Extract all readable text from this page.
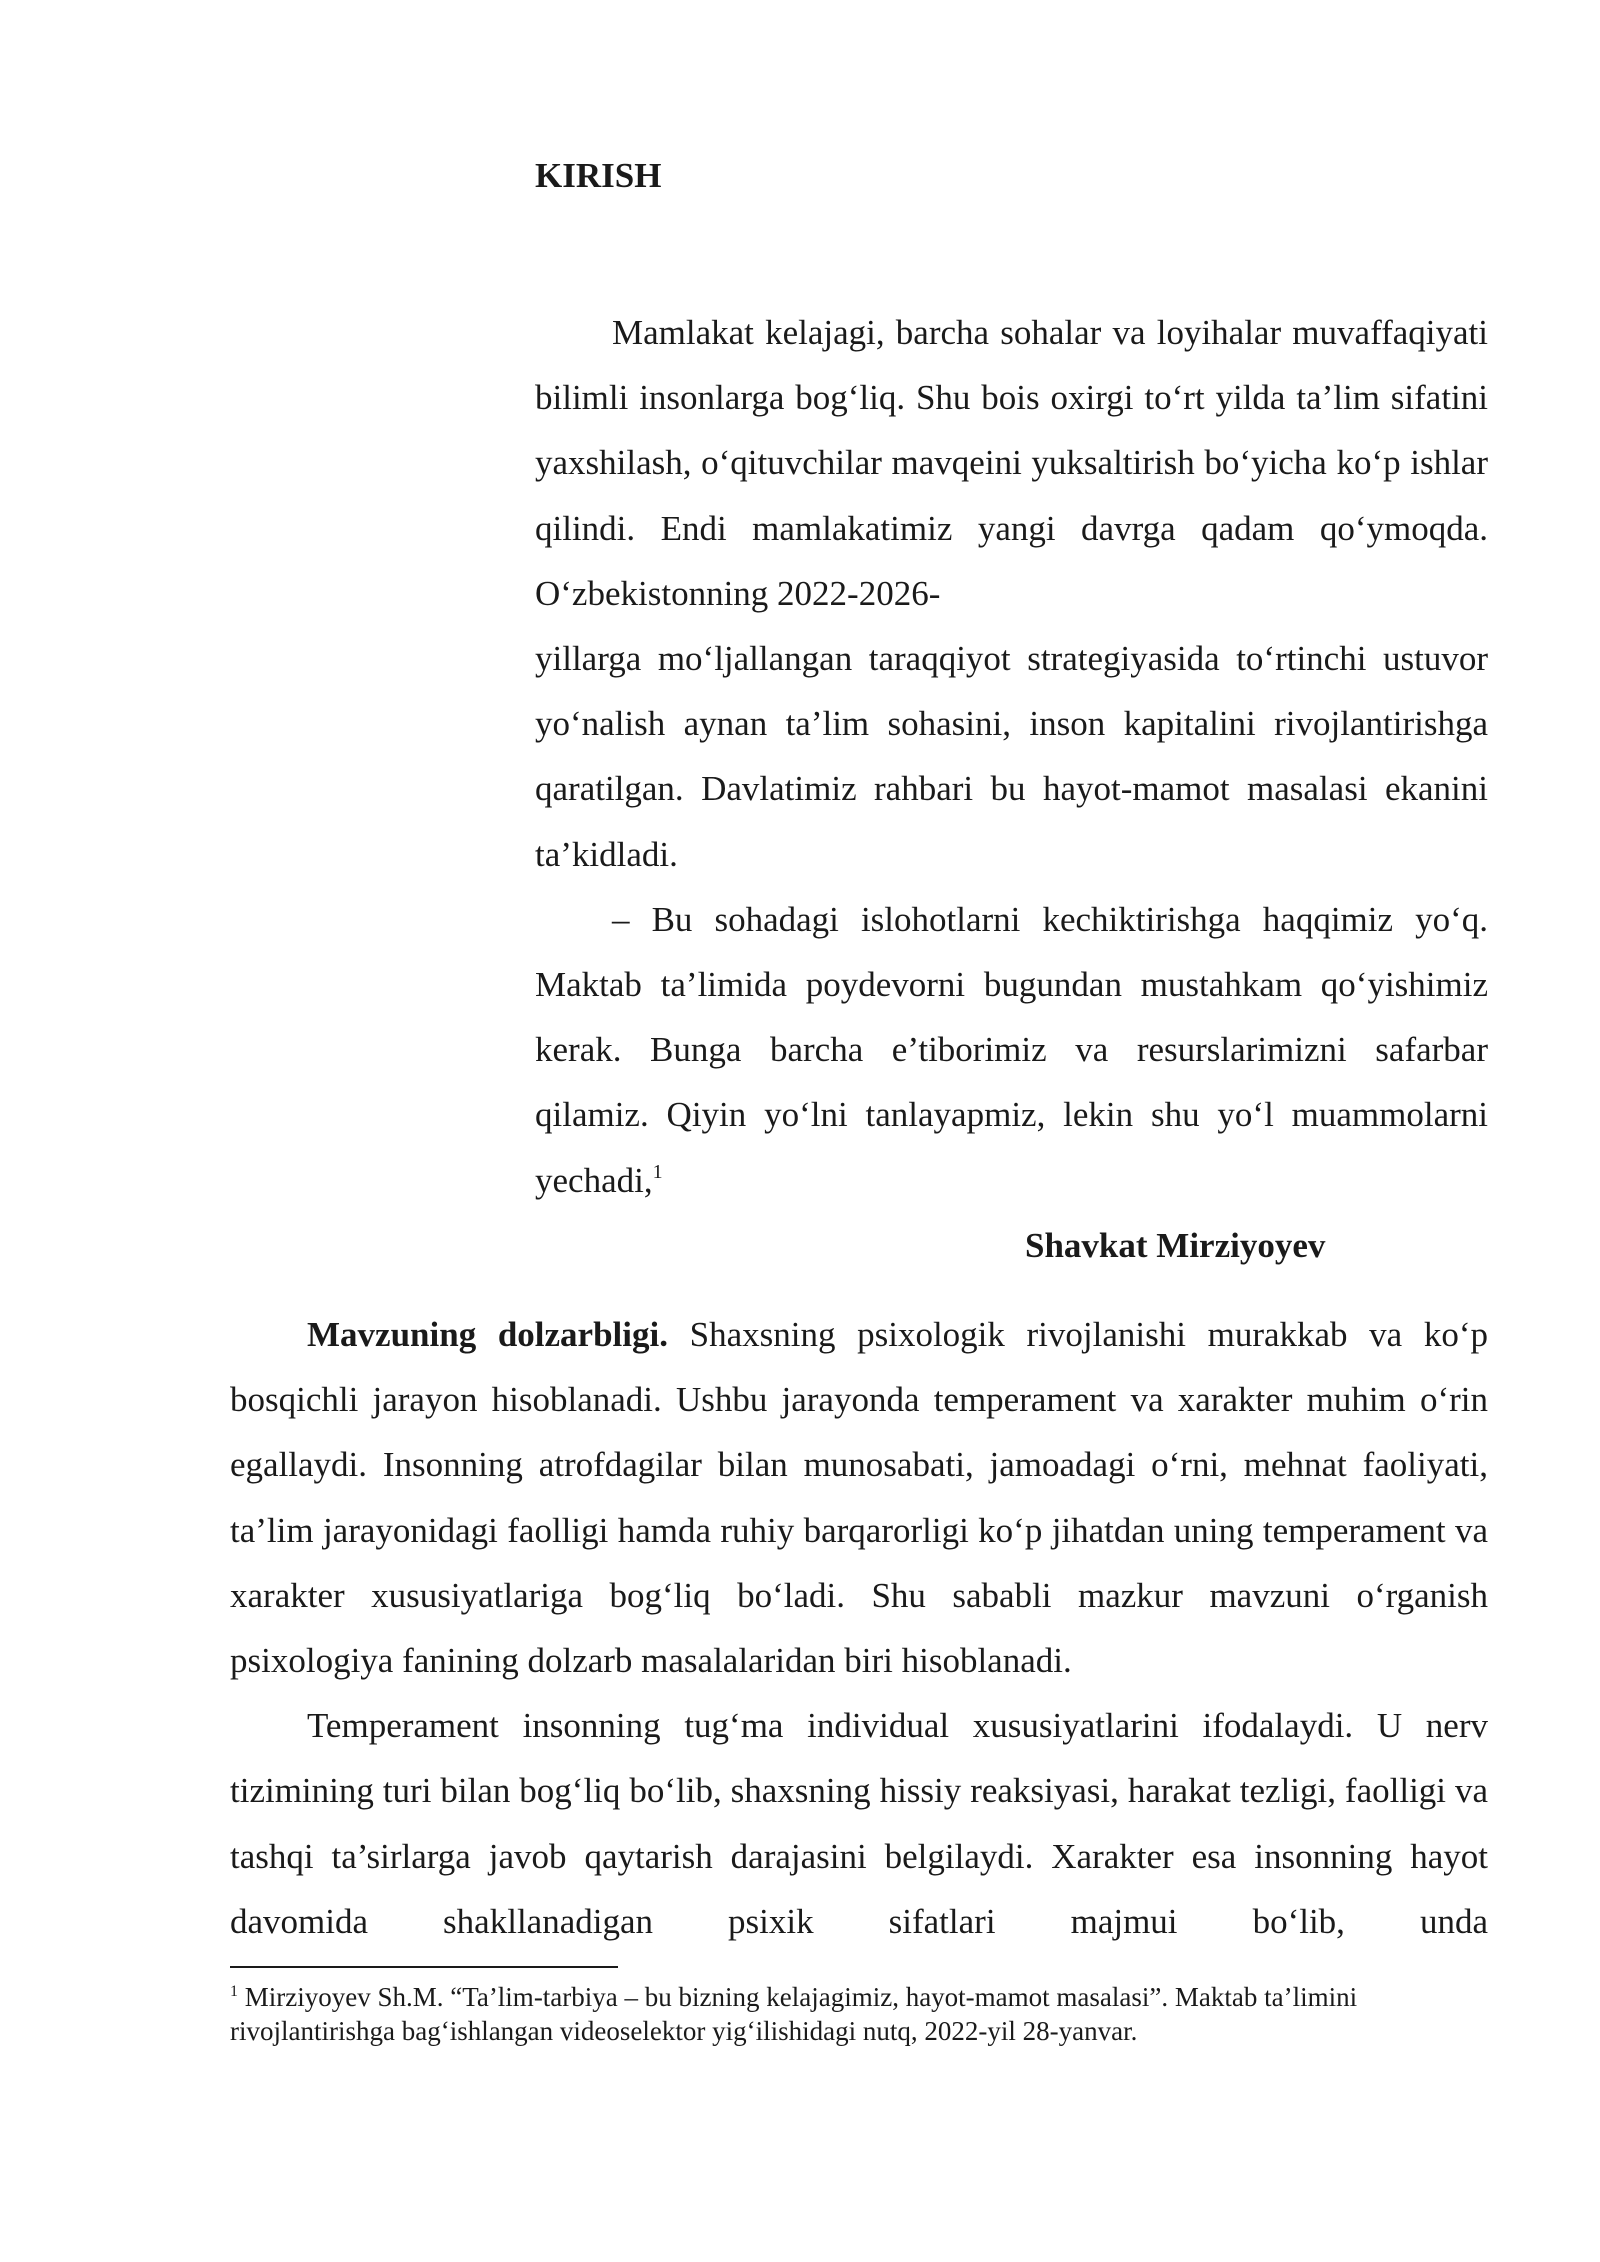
KIRISH

Mamlakat kelajagi, barcha sohalar va loyihalar muvaffaqiyati bilimli insonlarga bog‘liq. Shu bois oxirgi to‘rt yilda ta’lim sifatini yaxshilash, o‘qituvchilar mavqeini yuksaltirish bo‘yicha ko‘p ishlar qilindi. Endi mamlakatimiz yangi davrga qadam qo‘ymoqda. O‘zbekistonning 2022-2026-

yillarga mo‘ljallangan taraqqiyot strategiyasida to‘rtinchi ustuvor yo‘nalish aynan ta’lim sohasini, inson kapitalini rivojlantirishga qaratilgan. Davlatimiz rahbari bu hayot-mamot masalasi ekanini ta’kidladi.

– Bu sohadagi islohotlarni kechiktirishga haqqimiz yo‘q. Maktab ta’limida poydevorni bugundan mustahkam qo‘yishimiz kerak. Bunga barcha e’tiborimiz va resurslarimizni safarbar qilamiz. Qiyin yo‘lni tanlayapmiz, lekin shu yo‘l muammolarni yechadi,$^1$

Shavkat Mirziyoyev

Mavzuning dolzarbligi. Shaxsning psixologik rivojlanishi murakkab va ko‘p bosqichli jarayon hisoblanadi. Ushbu jarayonda temperament va xarakter muhim o‘rin egallaydi. Insonning atrofdagilar bilan munosabati, jamoadagi o‘rni, mehnat faoliyati, ta’lim jarayonidagi faolligi hamda ruhiy barqarorligi ko‘p jihatdan uning temperament va xarakter xususiyatlariga bog‘liq bo‘ladi. Shu sababli mazkur mavzuni o‘rganish psixologiya fanining dolzarb masalalaridan biri hisoblanadi.

Temperament insonning tug‘ma individual xususiyatlarini ifodalaydi. U nerv tizimining turi bilan bog‘liq bo‘lib, shaxsning hissiy reaksiyasi, harakat tezligi, faolligi va tashqi ta’sirlarga javob qaytarish darajasini belgilaydi. Xarakter esa insonning hayot davomida shakllanadigan psixik sifatlari majmui bo‘lib, unda

$^1$ Mirziyoyev Sh.M. “Ta’lim-tarbiya – bu bizning kelajagimiz, hayot-mamot masalasi”. Maktab ta’limini rivojlantirishga bag‘ishlangan videoselektor yig‘ilishidagi nutq, 2022-yil 28-yanvar.
